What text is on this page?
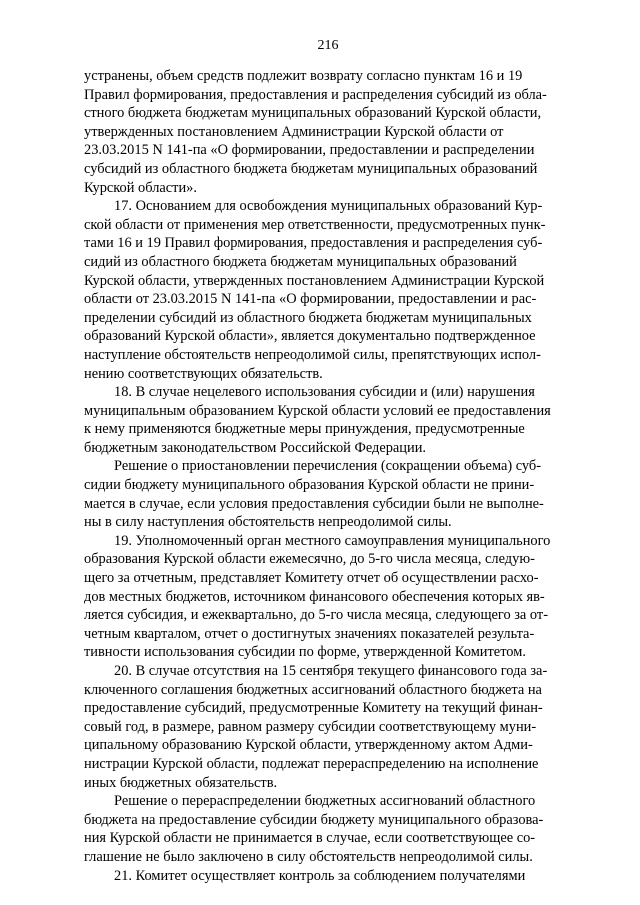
216

устранены, объем средств подлежит возврату согласно пунктам 16 и 19
Правил формирования, предоставления и распределения субсидий из обла-
стного бюджета бюджетам муниципальных образований Курской области,
утвержденных постановлением Администрации Курской области от
23.03.2015 N 141-па «О формировании, предоставлении и распределении
субсидий из областного бюджета бюджетам муниципальных образований
Курской области».

17. Основанием для освобождения муниципальных образований Кур-
ской области от применения мер ответственности, предусмотренных пунк-
тами 16 и 19 Правил формирования, предоставления и распределения суб-
сидий из областного бюджета бюджетам муниципальных образований
Курской области, утвержденных постановлением Администрации Курской
области от 23.03.2015 N 141-па «О формировании, предоставлении и рас-
пределении субсидий из областного бюджета бюджетам муниципальных
образований Курской области», является документально подтвержденное
наступление обстоятельств непреодолимой силы, препятствующих испол-
нению соответствующих обязательств.

18. В случае нецелевого использования субсидии и (или) нарушения
муниципальным образованием Курской области условий ее предоставления
к нему применяются бюджетные меры принуждения, предусмотренные
бюджетным законодательством Российской Федерации.

Решение о приостановлении перечисления (сокращении объема) суб-
сидии бюджету муниципального образования Курской области не прини-
мается в случае, если условия предоставления субсидии были не выполне-
ны в силу наступления обстоятельств непреодолимой силы.

19. Уполномоченный орган местного самоуправления муниципального
образования Курской области ежемесячно, до 5-го числа месяца, следую-
щего за отчетным, представляет Комитету отчет об осуществлении расхо-
дов местных бюджетов, источником финансового обеспечения которых яв-
ляется субсидия, и ежеквартально, до 5-го числа месяца, следующего за от-
четным кварталом, отчет о достигнутых значениях показателей результа-
тивности использования субсидии по форме, утвержденной Комитетом.

20. В случае отсутствия на 15 сентября текущего финансового года за-
ключенного соглашения бюджетных ассигнований областного бюджета на
предоставление субсидий, предусмотренные Комитету на текущий финан-
совый год, в размере, равном размеру субсидии соответствующему муни-
ципальному образованию Курской области, утвержденному актом Адми-
нистрации Курской области, подлежат перераспределению на исполнение
иных бюджетных обязательств.

Решение о перераспределении бюджетных ассигнований областного
бюджета на предоставление субсидии бюджету муниципального образова-
ния Курской области не принимается в случае, если соответствующее со-
глашение не было заключено в силу обстоятельств непреодолимой силы.

21. Комитет осуществляет контроль за соблюдением получателями
